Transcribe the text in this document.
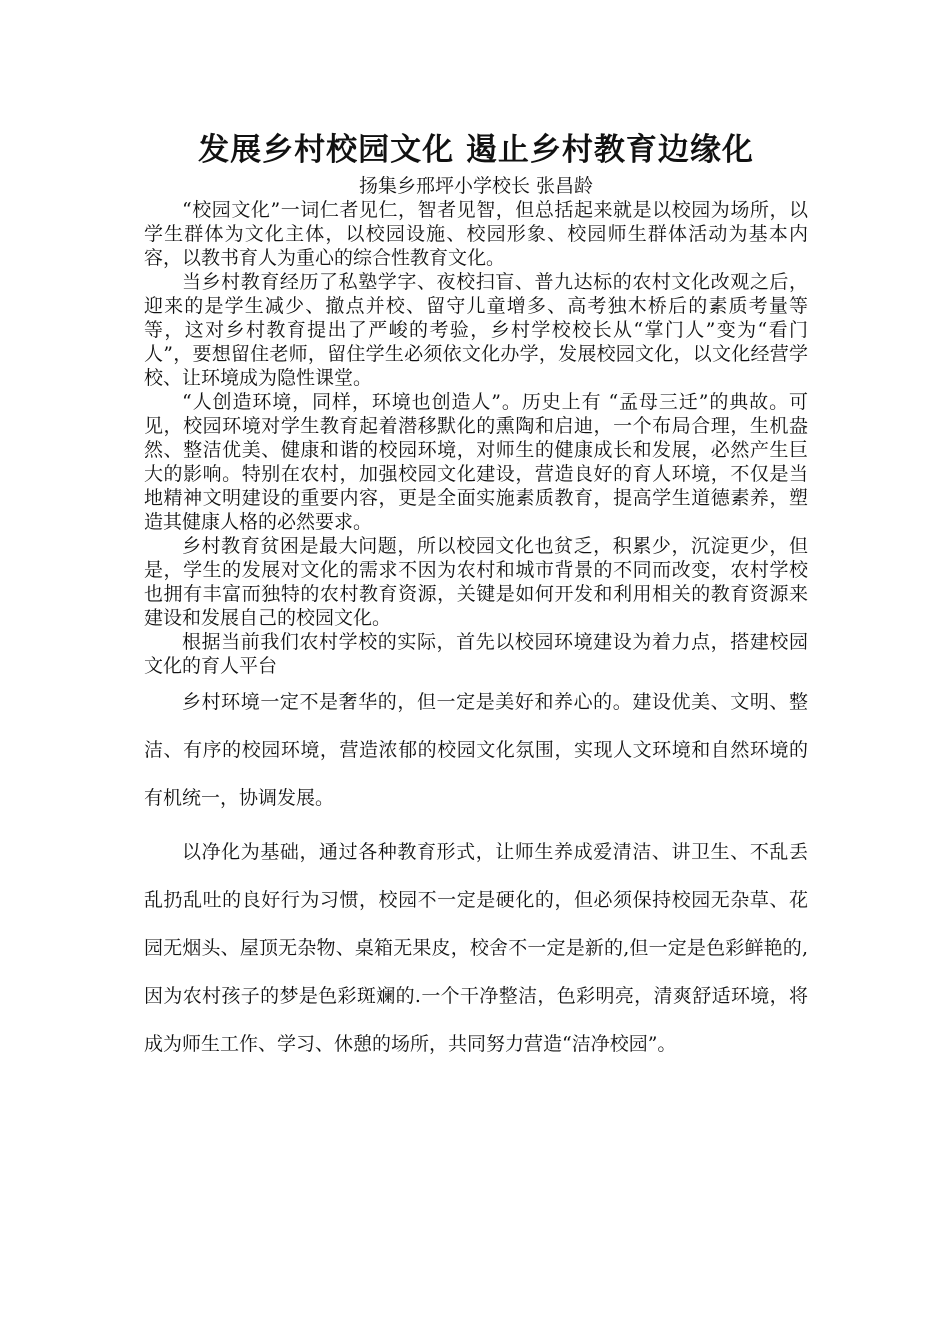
发展乡村校园文化 遏止乡村教育边缘化

扬集乡邢坪小学校长 张昌龄

“校园文化”一词仁者见仁，智者见智，但总括起来就是以校园为场所，以学生群体为文化主体，以校园设施、校园形象、校园师生群体活动为基本内容，以教书育人为重心的综合性教育文化。

当乡村教育经历了私塾学字、夜校扫盲、普九达标的农村文化改观之后，迎来的是学生减少、撤点并校、留守儿童增多、高考独木桥后的素质考量等等，这对乡村教育提出了严峻的考验，乡村学校校长从“掌门人”变为“看门人”，要想留住老师，留住学生必须依文化办学，发展校园文化，以文化经营学校、让环境成为隐性课堂。

“人创造环境，同样，环境也创造人”。历史上有 “孟母三迁”的典故。可见，校园环境对学生教育起着潜移默化的熏陶和启迪，一个布局合理，生机盎然、整洁优美、健康和谐的校园环境，对师生的健康成长和发展，必然产生巨大的影响。特别在农村，加强校园文化建设，营造良好的育人环境，不仅是当地精神文明建设的重要内容，更是全面实施素质教育，提高学生道德素养，塑造其健康人格的必然要求。

乡村教育贫困是最大问题，所以校园文化也贫乏，积累少，沉淀更少，但是，学生的发展对文化的需求不因为农村和城市背景的不同而改变，农村学校也拥有丰富而独特的农村教育资源，关键是如何开发和利用相关的教育资源来建设和发展自己的校园文化。

根据当前我们农村学校的实际，首先以校园环境建设为着力点，搭建校园文化的育人平台

乡村环境一定不是奢华的，但一定是美好和养心的。建设优美、文明、整洁、有序的校园环境，营造浓郁的校园文化氛围，实现人文环境和自然环境的有机统一，协调发展。

以净化为基础，通过各种教育形式，让师生养成爱清洁、讲卫生、不乱丢乱扔乱吐的良好行为习惯，校园不一定是硬化的，但必须保持校园无杂草、花园无烟头、屋顶无杂物、桌箱无果皮，校舍不一定是新的,但一定是色彩鲜艳的,因为农村孩子的梦是色彩斑斓的.一个干净整洁，色彩明亮，清爽舒适环境，将成为师生工作、学习、休憩的场所，共同努力营造“洁净校园”。
